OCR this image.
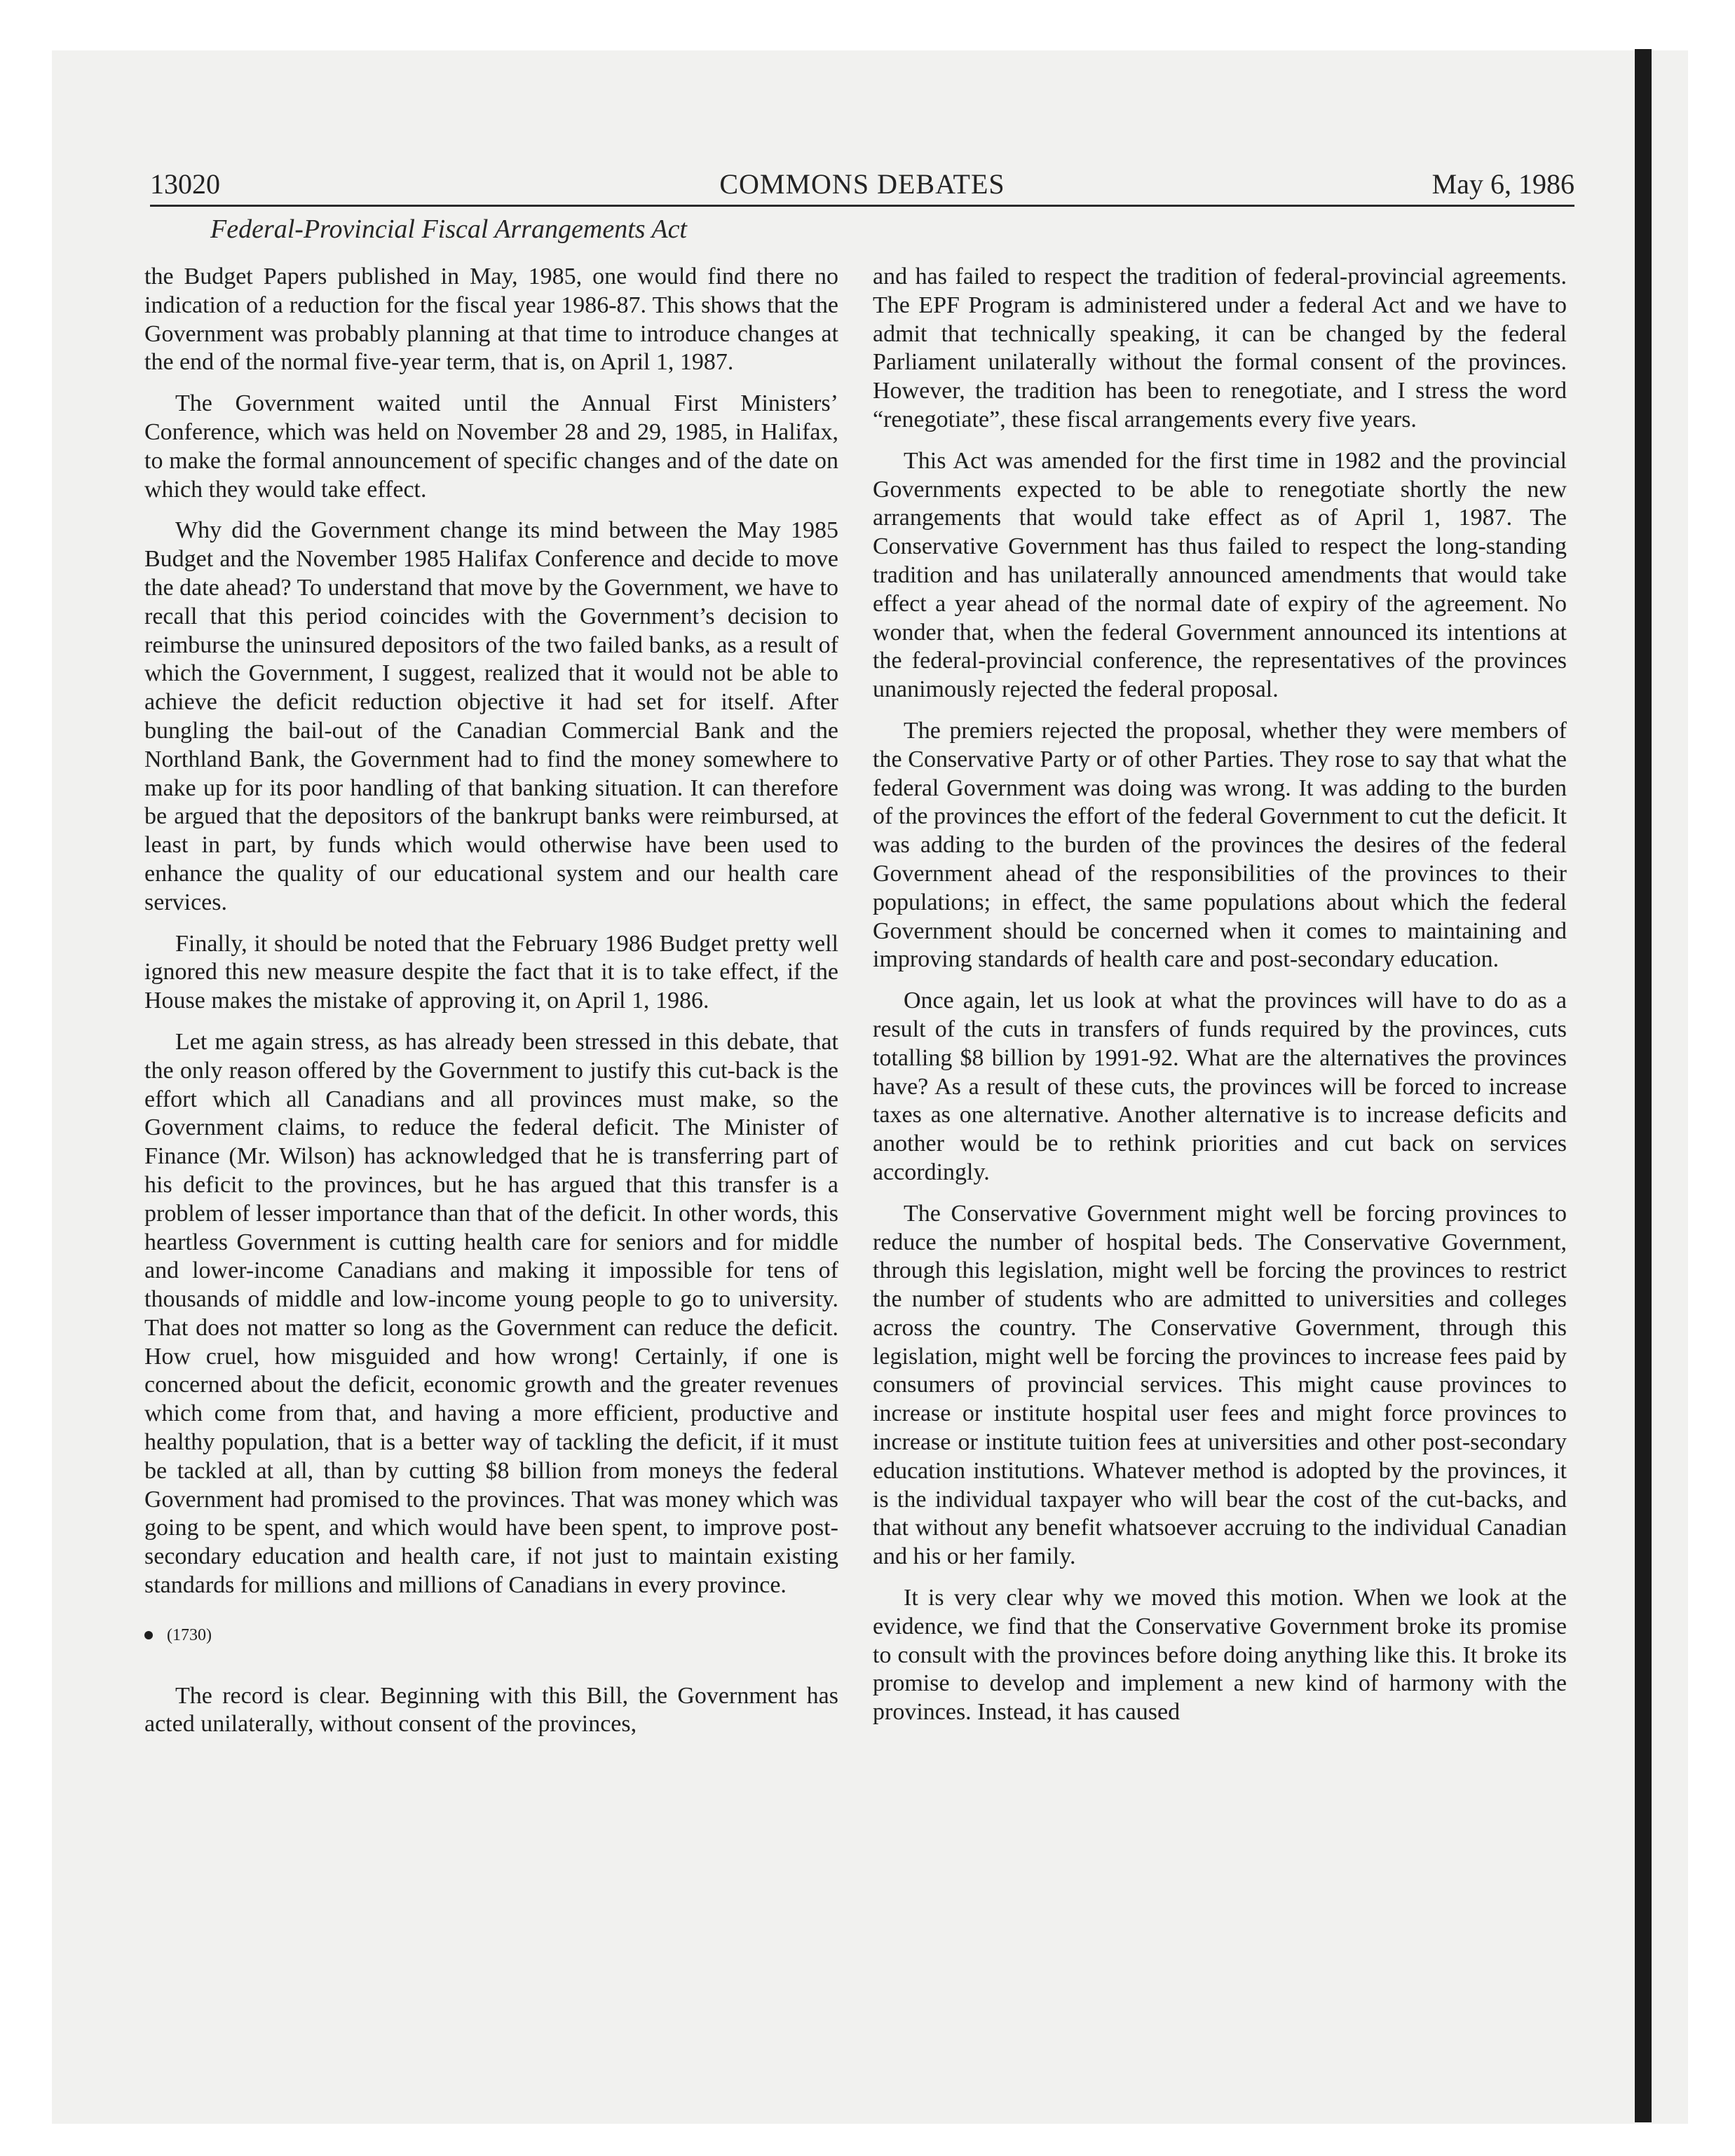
13020	COMMONS DEBATES	May 6, 1986
Federal-Provincial Fiscal Arrangements Act

the Budget Papers published in May, 1985, one would find there no indication of a reduction for the fiscal year 1986-87. This shows that the Government was probably planning at that time to introduce changes at the end of the normal five-year term, that is, on April 1, 1987.

The Government waited until the Annual First Ministers’ Conference, which was held on November 28 and 29, 1985, in Halifax, to make the formal announcement of specific changes and of the date on which they would take effect.

Why did the Government change its mind between the May 1985 Budget and the November 1985 Halifax Conference and decide to move the date ahead? To understand that move by the Government, we have to recall that this period coincides with the Government’s decision to reimburse the uninsured depositors of the two failed banks, as a result of which the Government, I suggest, realized that it would not be able to achieve the deficit reduction objective it had set for itself. After bungling the bail-out of the Canadian Commercial Bank and the Northland Bank, the Government had to find the money somewhere to make up for its poor handling of that banking situation. It can therefore be argued that the depositors of the bankrupt banks were reimbursed, at least in part, by funds which would otherwise have been used to enhance the quality of our educational system and our health care services.

Finally, it should be noted that the February 1986 Budget pretty well ignored this new measure despite the fact that it is to take effect, if the House makes the mistake of approving it, on April 1, 1986.

Let me again stress, as has already been stressed in this debate, that the only reason offered by the Government to justify this cut-back is the effort which all Canadians and all provinces must make, so the Government claims, to reduce the federal deficit. The Minister of Finance (Mr. Wilson) has acknowledged that he is transferring part of his deficit to the provinces, but he has argued that this transfer is a problem of lesser importance than that of the deficit. In other words, this heartless Government is cutting health care for seniors and for middle and lower-income Canadians and making it impossible for tens of thousands of middle and low-income young people to go to university. That does not matter so long as the Government can reduce the deficit. How cruel, how misguided and how wrong! Certainly, if one is concerned about the deficit, economic growth and the greater revenues which come from that, and having a more efficient, productive and healthy population, that is a better way of tackling the deficit, if it must be tackled at all, than by cutting $8 billion from moneys the federal Government had promised to the provinces. That was money which was going to be spent, and which would have been spent, to improve post-secondary education and health care, if not just to maintain existing standards for millions and millions of Canadians in every province.

(1730)

The record is clear. Beginning with this Bill, the Government has acted unilaterally, without consent of the provinces,

and has failed to respect the tradition of federal-provincial agreements. The EPF Program is administered under a federal Act and we have to admit that technically speaking, it can be changed by the federal Parliament unilaterally without the formal consent of the provinces. However, the tradition has been to renegotiate, and I stress the word “renegotiate”, these fiscal arrangements every five years.

This Act was amended for the first time in 1982 and the provincial Governments expected to be able to renegotiate shortly the new arrangements that would take effect as of April 1, 1987. The Conservative Government has thus failed to respect the long-standing tradition and has unilaterally announced amendments that would take effect a year ahead of the normal date of expiry of the agreement. No wonder that, when the federal Government announced its intentions at the federal-provincial conference, the representatives of the provinces unanimously rejected the federal proposal.

The premiers rejected the proposal, whether they were members of the Conservative Party or of other Parties. They rose to say that what the federal Government was doing was wrong. It was adding to the burden of the provinces the effort of the federal Government to cut the deficit. It was adding to the burden of the provinces the desires of the federal Government ahead of the responsibilities of the provinces to their populations; in effect, the same populations about which the federal Government should be concerned when it comes to maintaining and improving standards of health care and post-secondary education.

Once again, let us look at what the provinces will have to do as a result of the cuts in transfers of funds required by the provinces, cuts totalling $8 billion by 1991-92. What are the alternatives the provinces have? As a result of these cuts, the provinces will be forced to increase taxes as one alternative. Another alternative is to increase deficits and another would be to rethink priorities and cut back on services accordingly.

The Conservative Government might well be forcing provinces to reduce the number of hospital beds. The Conservative Government, through this legislation, might well be forcing the provinces to restrict the number of students who are admitted to universities and colleges across the country. The Conservative Government, through this legislation, might well be forcing the provinces to increase fees paid by consumers of provincial services. This might cause provinces to increase or institute hospital user fees and might force provinces to increase or institute tuition fees at universities and other post-secondary education institutions. Whatever method is adopted by the provinces, it is the individual taxpayer who will bear the cost of the cut-backs, and that without any benefit whatsoever accruing to the individual Canadian and his or her family.

It is very clear why we moved this motion. When we look at the evidence, we find that the Conservative Government broke its promise to consult with the provinces before doing anything like this. It broke its promise to develop and implement a new kind of harmony with the provinces. Instead, it has caused
